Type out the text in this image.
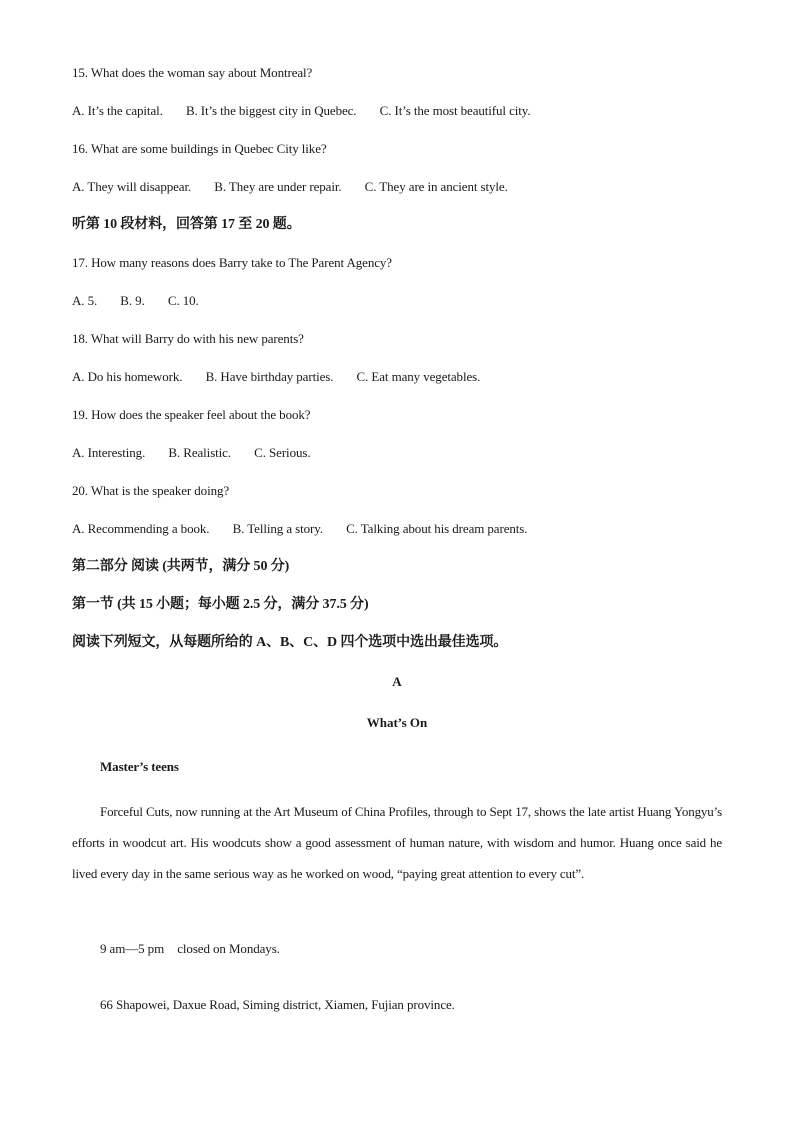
15. What does the woman say about Montreal?
A. It’s the capital. B. It’s the biggest city in Quebec. C. It’s the most beautiful city.
16. What are some buildings in Quebec City like?
A. They will disappear. B. They are under repair. C. They are in ancient style.
听第 10 段材料，回答第 17 至 20 题。
17. How many reasons does Barry take to The Parent Agency?
A. 5. B. 9. C. 10.
18. What will Barry do with his new parents?
A. Do his homework. B. Have birthday parties. C. Eat many vegetables.
19. How does the speaker feel about the book?
A. Interesting. B. Realistic. C. Serious.
20. What is the speaker doing?
A. Recommending a book. B. Telling a story. C. Talking about his dream parents.
第二部分 阅读 (共两节，满分 50 分)
第一节 (共 15 小题；每小题 2.5 分，满分 37.5 分)
阅读下列短文，从每题所给的 A、B、C、D 四个选项中选出最佳选项。
A
What’s On
Master’s teens
Forceful Cuts, now running at the Art Museum of China Profiles, through to Sept 17, shows the late artist Huang Yongyu’s efforts in woodcut art. His woodcuts show a good assessment of human nature, with wisdom and humor. Huang once said he lived every day in the same serious way as he worked on wood, “paying great attention to every cut”.
9 am—5 pm closed on Mondays.
66 Shapowei, Daxue Road, Siming district, Xiamen, Fujian province.
